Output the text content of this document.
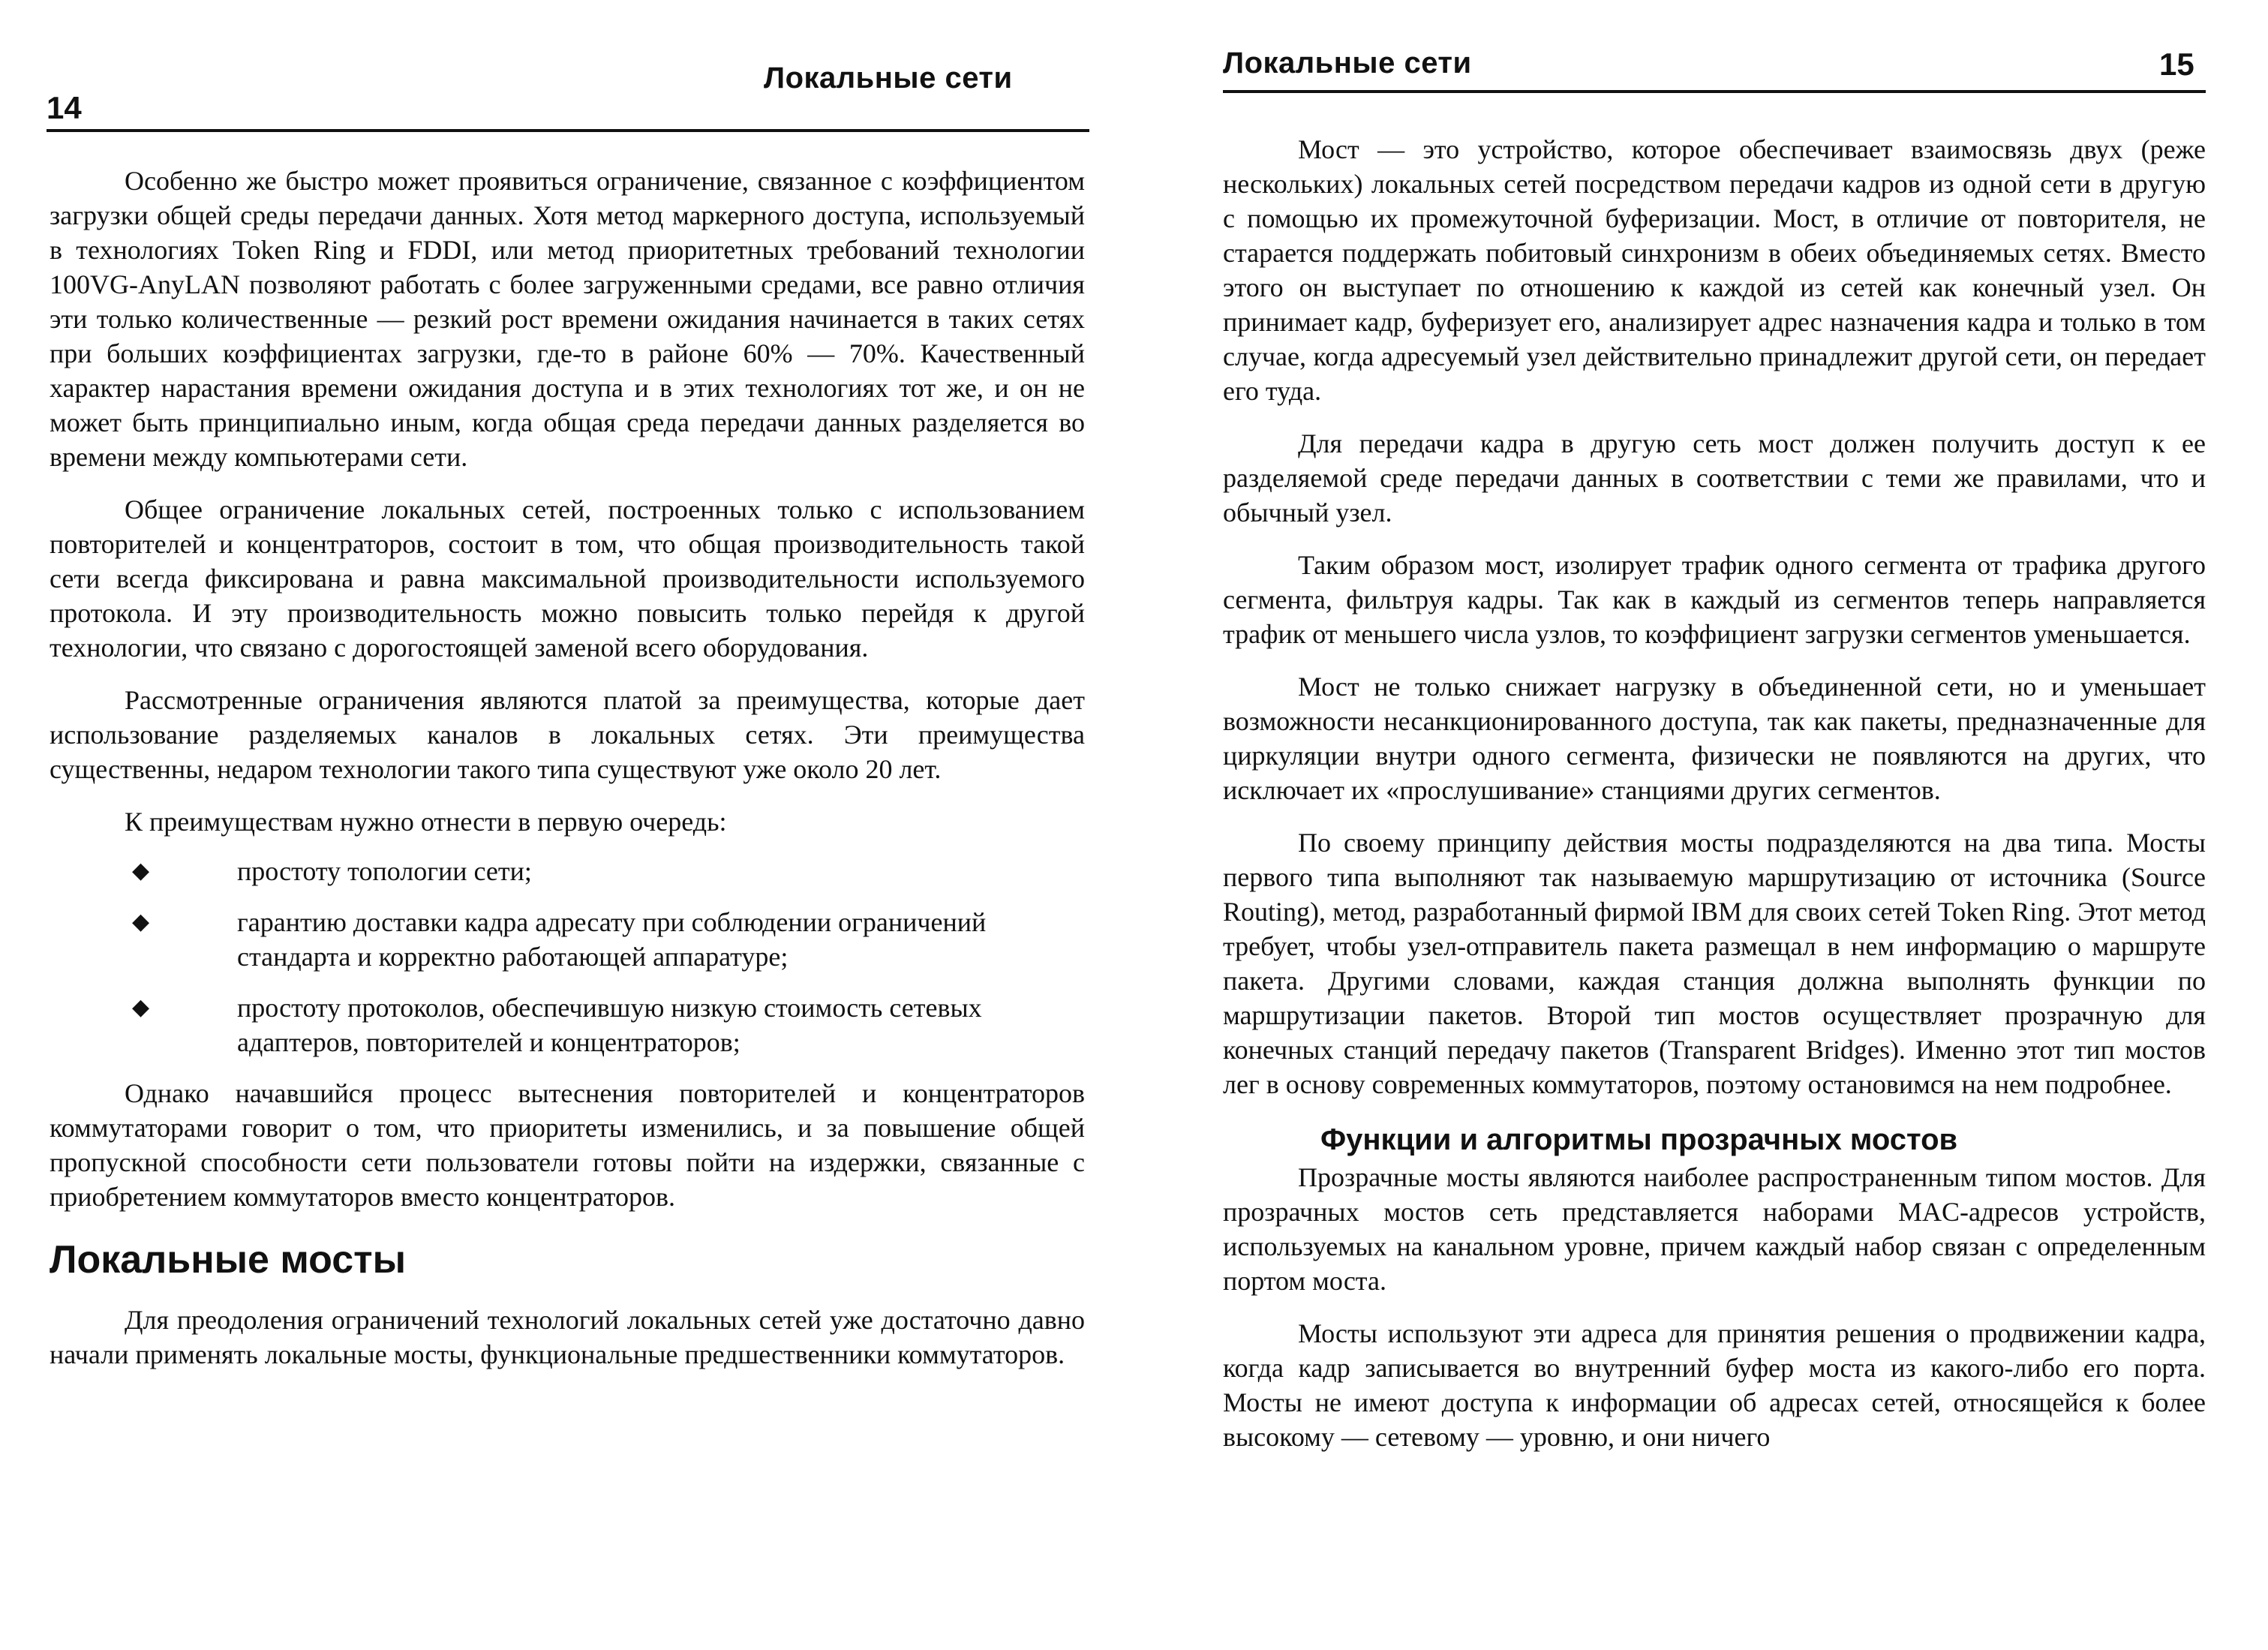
14
Локальные сети

Особенно же быстро может проявиться ограничение, связанное с коэффициентом загрузки общей среды передачи данных. Хотя метод маркерного доступа, используемый в технологиях Token Ring и FDDI, или метод приоритетных требований технологии 100VG-AnyLAN позволяют работать с более загруженными средами, все равно отличия эти только количественные — резкий рост времени ожидания начинается в таких сетях при больших коэффициентах загрузки, где-то в районе 60% — 70%. Качественный характер нарастания времени ожидания доступа и в этих технологиях тот же, и он не может быть принципиально иным, когда общая среда передачи данных разделяется во времени между компьютерами сети.

Общее ограничение локальных сетей, построенных только с использованием повторителей и концентраторов, состоит в том, что общая производительность такой сети всегда фиксирована и равна максимальной производительности используемого протокола. И эту производительность можно повысить только перейдя к другой технологии, что связано с дорогостоящей заменой всего оборудования.

Рассмотренные ограничения являются платой за преимущества, которые дает использование разделяемых каналов в локальных сетях. Эти преимущества существенны, недаром технологии такого типа существуют уже около 20 лет.

К преимуществам нужно отнести в первую очередь:

◆	простоту топологии сети;
◆	гарантию доставки кадра адресату при соблюдении ограничений стандарта и корректно работающей аппаратуре;
◆	простоту протоколов, обеспечившую низкую стоимость сетевых адаптеров, повторителей и концентраторов;

Однако начавшийся процесс вытеснения повторителей и концентраторов коммутаторами говорит о том, что приоритеты изменились, и за повышение общей пропускной способности сети пользователи готовы пойти на издержки, связанные с приобретением коммутаторов вместо концентраторов.

Локальные мосты

Для преодоления ограничений технологий локальных сетей уже достаточно давно начали применять локальные мосты, функциональные предшественники коммутаторов.

Локальные сети	15

Мост — это устройство, которое обеспечивает взаимосвязь двух (реже нескольких) локальных сетей посредством передачи кадров из одной сети в другую с помощью их промежуточной буферизации. Мост, в отличие от повторителя, не старается поддержать побитовый синхронизм в обеих объединяемых сетях. Вместо этого он выступает по отношению к каждой из сетей как конечный узел. Он принимает кадр, буферизует его, анализирует адрес назначения кадра и только в том случае, когда адресуемый узел действительно принадлежит другой сети, он передает его туда.

Для передачи кадра в другую сеть мост должен получить доступ к ее разделяемой среде передачи данных в соответствии с теми же правилами, что и обычный узел.

Таким образом мост, изолирует трафик одного сегмента от трафика другого сегмента, фильтруя кадры. Так как в каждый из сегментов теперь направляется трафик от меньшего числа узлов, то коэффициент загрузки сегментов уменьшается.

Мост не только снижает нагрузку в объединенной сети, но и уменьшает возможности несанкционированного доступа, так как пакеты, предназначенные для циркуляции внутри одного сегмента, физически не появляются на других, что исключает их «прослушивание» станциями других сегментов.

По своему принципу действия мосты подразделяются на два типа. Мосты первого типа выполняют так называемую маршрутизацию от источника (Source Routing), метод, разработанный фирмой IBM для своих сетей Token Ring. Этот метод требует, чтобы узел-отправитель пакета размещал в нем информацию о маршруте пакета. Другими словами, каждая станция должна выполнять функции по маршрутизации пакетов. Второй тип мостов осуществляет прозрачную для конечных станций передачу пакетов (Transparent Bridges). Именно этот тип мостов лег в основу современных коммутаторов, поэтому остановимся на нем подробнее.

Функции и алгоритмы прозрачных мостов

Прозрачные мосты являются наиболее распространенным типом мостов. Для прозрачных мостов сеть представляется наборами MAC-адресов устройств, используемых на канальном уровне, причем каждый набор связан с определенным портом моста.

Мосты используют эти адреса для принятия решения о продвижении кадра, когда кадр записывается во внутренний буфер моста из какого-либо его порта. Мосты не имеют доступа к информации об адресах сетей, относящейся к более высокому — сетевому — уровню, и они ничего
